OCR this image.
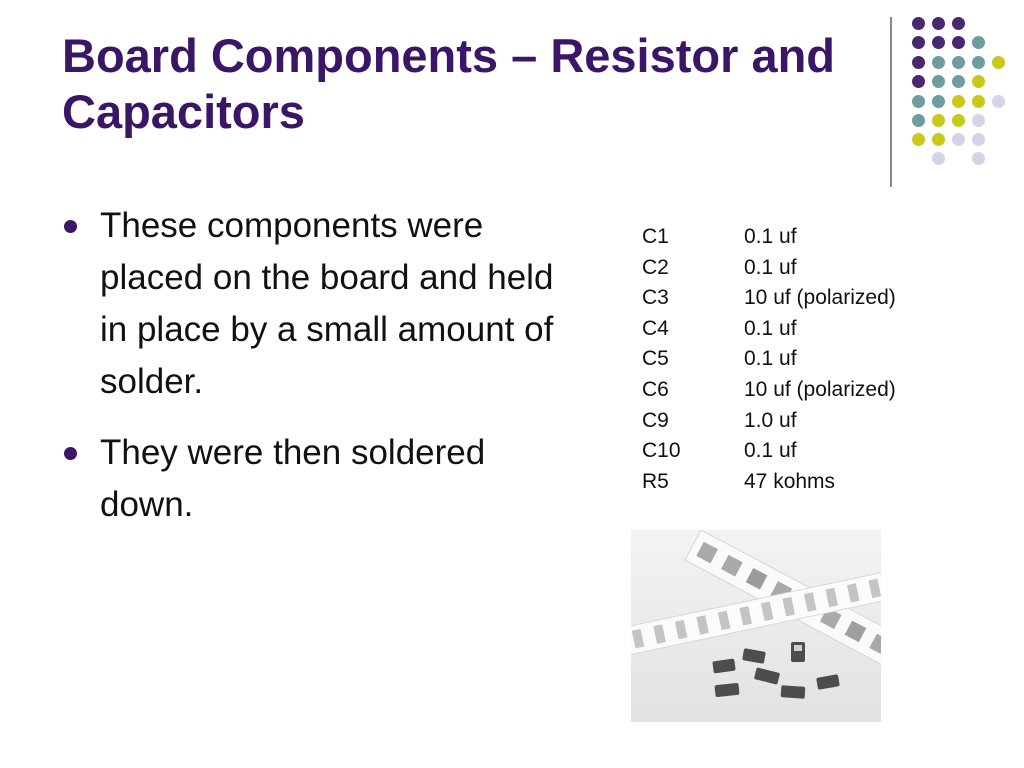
Board Components – Resistor and Capacitors
These components were placed on the board and held in place by a small amount of solder.
They were then soldered down.
C1	0.1 uf
C2	0.1 uf
C3	10 uf (polarized)
C4	0.1 uf
C5	0.1 uf
C6	10 uf (polarized)
C9	1.0 uf
C10	0.1 uf
R5	47 kohms
